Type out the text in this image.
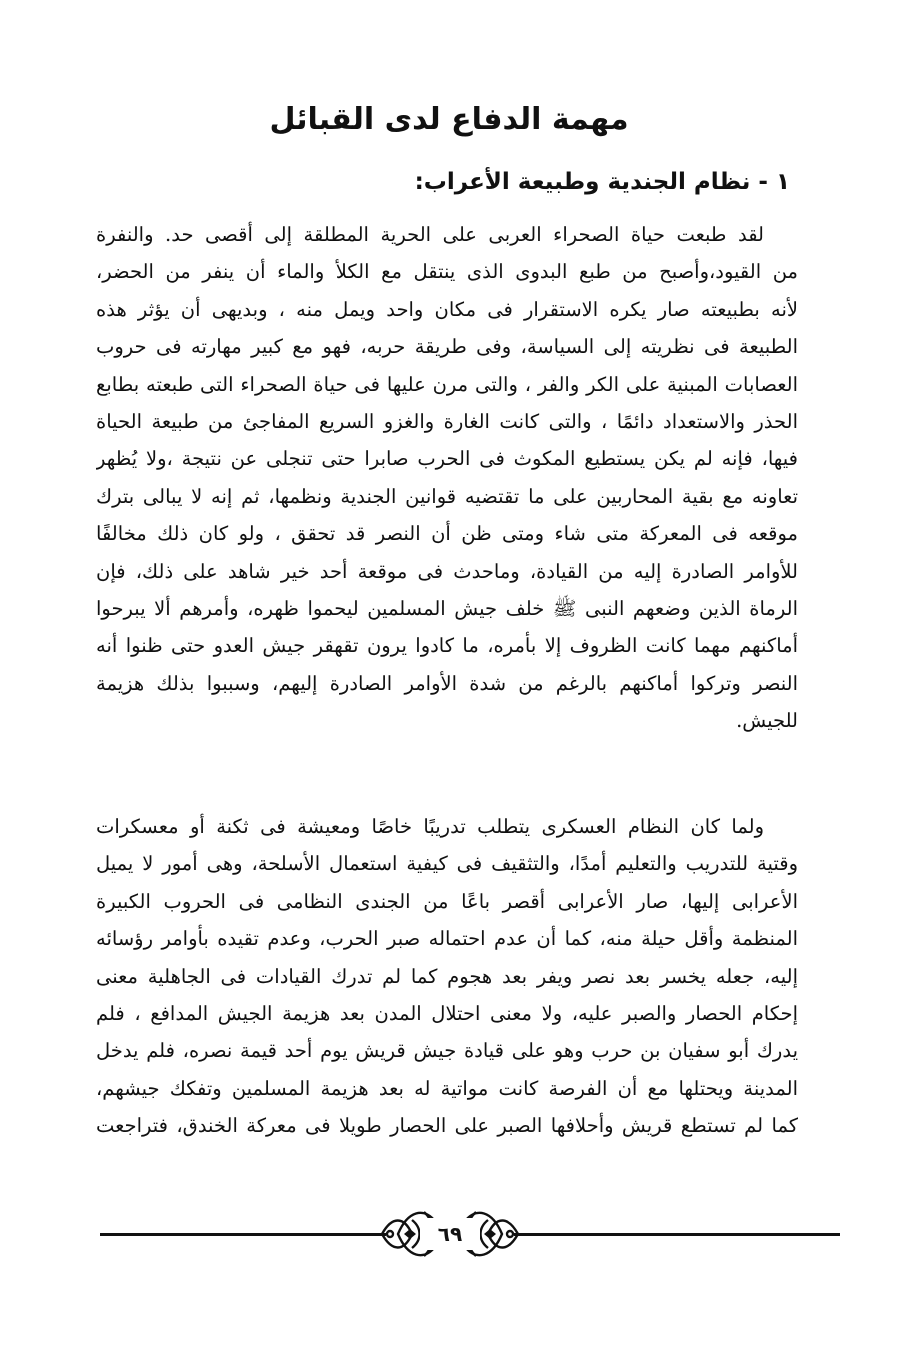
مهمة الدفاع لدى القبائل
١ - نظام الجندية وطبيعة الأعراب:
لقد طبعت حياة الصحراء العربى على الحرية المطلقة إلى أقصى حد. والنفرة
من القيود،وأصبح من طبع البدوى الذى ينتقل مع الكلأ والماء أن ينفر من الحضر،
لأنه بطبيعته صار يكره الاستقرار فى مكان واحد ويمل منه ، وبديهى أن يؤثر هذه
الطبيعة فى نظريته إلى السياسة، وفى طريقة حربه، فهو مع كبير مهارته فى حروب
العصابات المبنية على الكر والفر ، والتى مرن عليها فى حياة الصحراء التى طبعته بطابع
الحذر والاستعداد دائمًا ، والتى كانت الغارة والغزو السريع المفاجئ من طبيعة الحياة
فيها، فإنه لم يكن يستطيع المكوث فى الحرب صابرا حتى تنجلى عن نتيجة ،ولا يُظهر
تعاونه مع بقية المحاربين على ما تقتضيه قوانين الجندية ونظمها، ثم إنه لا يبالى بترك
موقعه فى المعركة متى شاء ومتى ظن أن النصر قد تحقق ، ولو كان ذلك مخالفًا
للأوامر الصادرة إليه من القيادة، وماحدث فى موقعة أحد خير شاهد على ذلك، فإن
الرماة الذين وضعهم النبى ﷺ خلف جيش المسلمين ليحموا ظهره، وأمرهم ألا يبرحوا
أماكنهم مهما كانت الظروف إلا بأمره، ما كادوا يرون تقهقر جيش العدو حتى ظنوا أنه
النصر وتركوا أماكنهم بالرغم من شدة الأوامر الصادرة إليهم، وسببوا بذلك هزيمة
للجيش.
ولما كان النظام العسكرى يتطلب تدريبًا خاصًا ومعيشة فى ثكنة أو معسكرات
وقتية للتدريب والتعليم أمدًا، والتثقيف فى كيفية استعمال الأسلحة، وهى أمور لا يميل
الأعرابى إليها، صار الأعرابى أقصر باعًا من الجندى النظامى فى الحروب الكبيرة
المنظمة وأقل حيلة منه، كما أن عدم احتماله صبر الحرب، وعدم تقيده بأوامر رؤسائه
إليه، جعله يخسر بعد نصر ويفر بعد هجوم كما لم تدرك القيادات فى الجاهلية معنى
إحكام الحصار والصبر عليه، ولا معنى احتلال المدن بعد هزيمة الجيش المدافع ، فلم
يدرك أبو سفيان بن حرب وهو على قيادة جيش قريش يوم أحد قيمة نصره، فلم يدخل
المدينة ويحتلها مع أن الفرصة كانت مواتية له بعد هزيمة المسلمين وتفكك جيشهم،
كما لم تستطع قريش وأحلافها الصبر على الحصار طويلا فى معركة الخندق، فتراجعت
٦٩
